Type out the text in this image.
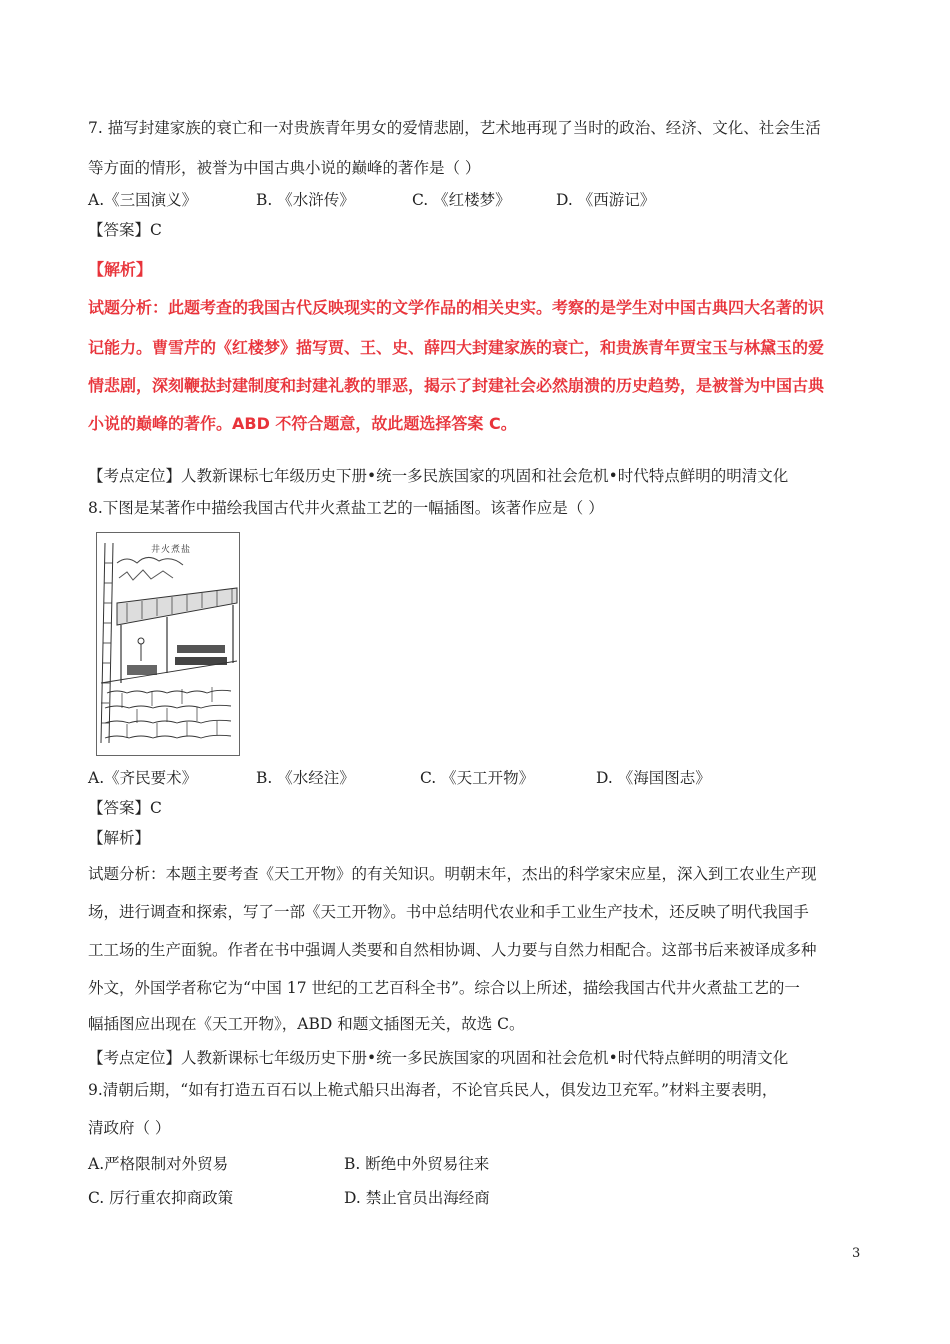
7. 描写封建家族的衰亡和一对贵族青年男女的爱情悲剧，艺术地再现了当时的政治、经济、文化、社会生活
等方面的情形，被誉为中国古典小说的巅峰的著作是（ ）
A.《三国演义》	B. 《水浒传》	C. 《红楼梦》	D. 《西游记》
【答案】C
【解析】
试题分析：此题考查的我国古代反映现实的文学作品的相关史实。考察的是学生对中国古典四大名著的识
记能力。曹雪芹的《红楼梦》描写贾、王、史、薛四大封建家族的衰亡，和贵族青年贾宝玉与林黛玉的爱
情悲剧，深刻鞭挞封建制度和封建礼教的罪恶，揭示了封建社会必然崩溃的历史趋势，是被誉为中国古典
小说的巅峰的著作。ABD 不符合题意，故此题选择答案 C。
【考点定位】人教新课标七年级历史下册•统一多民族国家的巩固和社会危机•时代特点鲜明的明清文化
8.下图是某著作中描绘我国古代井火煮盐工艺的一幅插图。该著作应是（ ）
井火煮盐
A.《齐民要术》	B. 《水经注》	C. 《天工开物》	D. 《海国图志》
【答案】C
【解析】
试题分析：本题主要考查《天工开物》的有关知识。明朝末年，杰出的科学家宋应星，深入到工农业生产现
场，进行调查和探索，写了一部《天工开物》。书中总结明代农业和手工业生产技术，还反映了明代我国手
工工场的生产面貌。作者在书中强调人类要和自然相协调、人力要与自然力相配合。这部书后来被译成多种
外文，外国学者称它为“中国 17 世纪的工艺百科全书”。综合以上所述，描绘我国古代井火煮盐工艺的一
幅插图应出现在《天工开物》，ABD 和题文插图无关，故选 C。
【考点定位】人教新课标七年级历史下册•统一多民族国家的巩固和社会危机•时代特点鲜明的明清文化
9.清朝后期，“如有打造五百石以上桅式船只出海者，不论官兵民人，俱发边卫充军。”材料主要表明，
清政府（ ）
A.严格限制对外贸易	B. 断绝中外贸易往来
C. 厉行重农抑商政策	D. 禁止官员出海经商
3
